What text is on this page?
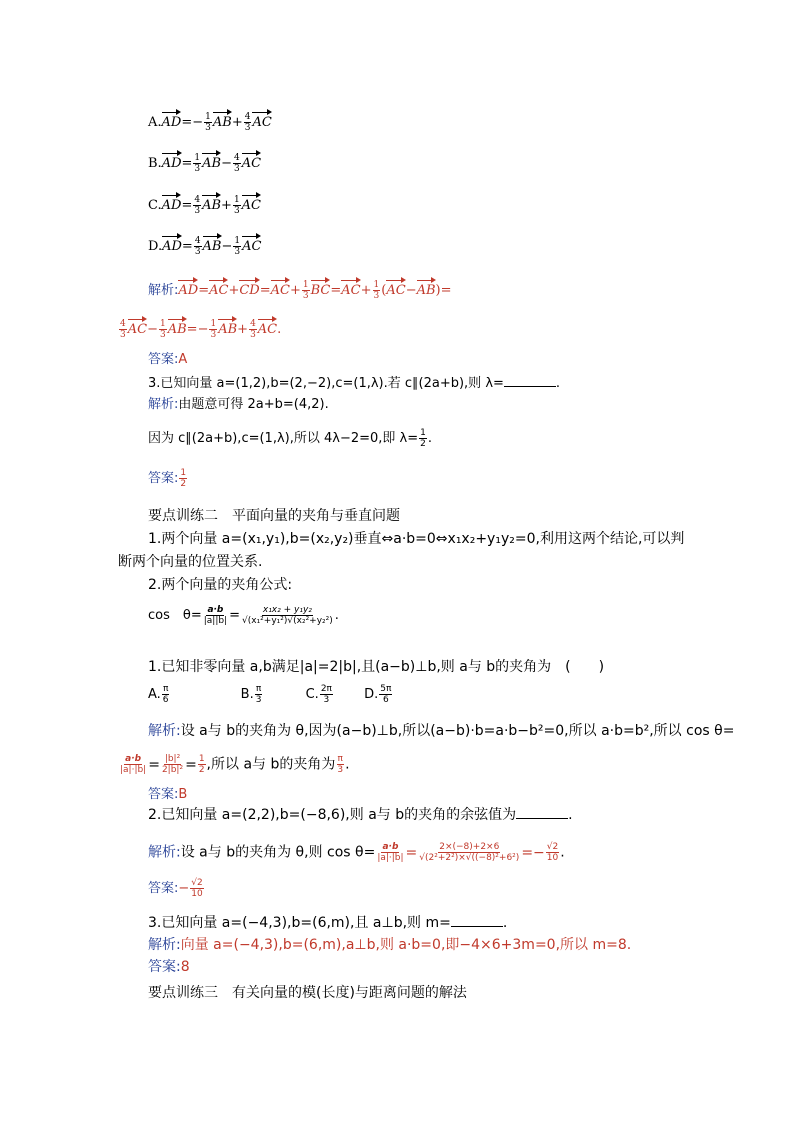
$A.AD=- \frac{1}{3} AB+ \frac{4}{3}$ AC
$B.AD= \frac{1}{3} AB- \frac{4}{3}$ AC
$C.AD= \frac{4}{3} AB+ \frac{1}{3}$ AC
$D.AD= \frac{4}{3} AB- \frac{1}{3}$ AC
解析:AD=AC+CD=AC+ $\frac{1}{3} BC=AC+ \frac{1}{3} (AC-AB)=$
$\frac{4}{3} AC- \frac{1}{3} AB=- \frac{1}{3} AB+ \frac{4}{3}$ AC.
答案:A
3.已知向量 a=(1,2),b=(2,−2),c=(1,λ).若 c∥(2a+b),则 λ=	.
解析:由题意可得 2a+b=(4,2).
因为 c∥(2a+b),c=(1,λ),所以 4λ−2=0,即 $\lambda= \frac{1}{2}$ .
答案: $\frac{1}{2}$
要点训练二　平面向量的夹角与垂直问题
1.两个向量 a=(x₁,y₁),b=(x₂,y₂)垂直⇔a·b=0⇔x₁x₂+y₁y₂=0,利用这两个结论,可以判
断两个向量的位置关系.
2.两个向量的夹角公式:
cos　$\theta= \frac{a\cdot b}{|a||b|} = \frac{\text{x₁x₂ + y₁y₂}}{\text{√(x₁²+y₁²)√(x₂²+y₂²)}}$ .
1.已知非零向量 a,b满足|a|=2|b|,且(a−b)⊥b,则 a与 b的夹角为　(　　)
A. $\frac{\pi}{6}$	B. $\frac{\pi}{3}$	C. $\frac{2\pi}{3} D$. $\frac{5\pi}{6}$
解析:设 a与 b的夹角为 θ,因为(a−b)⊥b,所以(a−b)·b=a·b−b²=0,所以 a·b=b²,所以 cos θ=
$\frac{a\cdot b}{|a|\cdot|b|} = \frac{\text{|b|²}}{\text{2|b|²}} = \frac{1}{2}$ ,所以 a与 b的夹角为 $\frac{\pi}{3}$ .
答案:B
2.已知向量 a=(2,2),b=(−8,6),则 a与 b的夹角的余弦值为	.
解析:设 a与 b的夹角为 θ,则 $\cos \theta= \frac{a\cdot b}{|a|\cdot|b|} = \frac{2\times(-8)+2\times 6}{\text{√(2²+2²)×√((−8)²+6²)}} =- \frac{√2}{10}$ .
答案:− $\frac{√2}{10}$
3.已知向量 a=(−4,3),b=(6,m),且 a⊥b,则 m=	.
解析:向量 a=(−4,3),b=(6,m),a⊥b,则 a·b=0,即−4×6+3m=0,所以 m=8.
答案:8
要点训练三　有关向量的模(长度)与距离问题的解法
